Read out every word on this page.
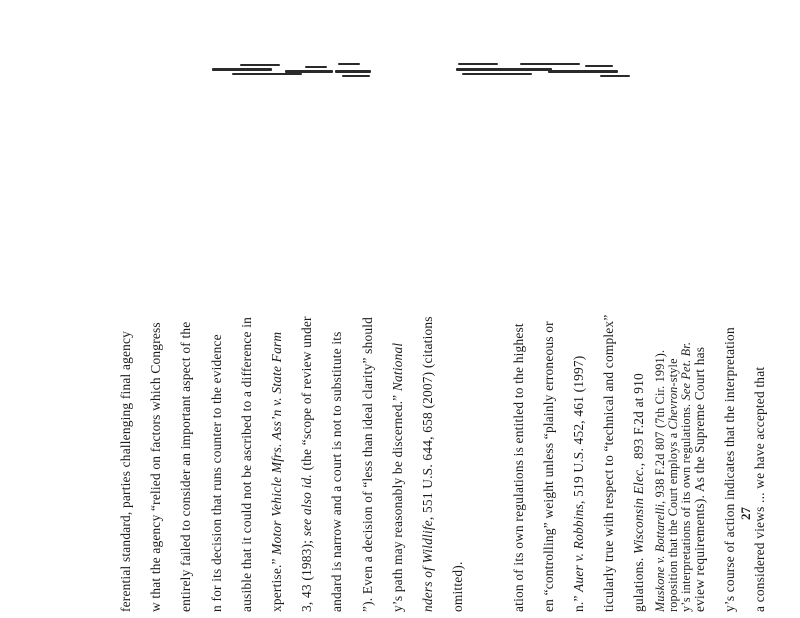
ferential standard, parties challenging final agency w that the agency “relied on factors which Congress entirely failed to consider an important aspect of the n for its decision that runs counter to the evidence ausible that it could not be ascribed to a difference in xpertise.” Motor Vehicle Mfrs. Ass’n v. State Farm
3, 43 (1983); see also id. (the “scope of review under andard is narrow and a court is not to substitute its ”). Even a decision of “less than ideal clarity” should y’s path may reasonably be discerned.” National
nders of Wildlife, 551 U.S. 644, 658 (2007) (citations
omitted).	ation of its own regulations is entitled to the highest en “controlling” weight unless “plainly erroneous or n.” Auer v. Robbins, 519 U.S. 452, 461 (1997) ticularly true with respect to “technical and complex” gulations. Wisconsin Elec., 893 F.2d at 910	eview requirements). As the Supreme Court has y’s course of action indicates that the interpretation a considered views ... we have accepted that
Muskone v. Bottarelli, 938 F.2d 807 (7th Cir. 1991).
roposition that the Court employs a Chevron-style
y’s interpretations of its own regulations. See Pet. Br.
27
